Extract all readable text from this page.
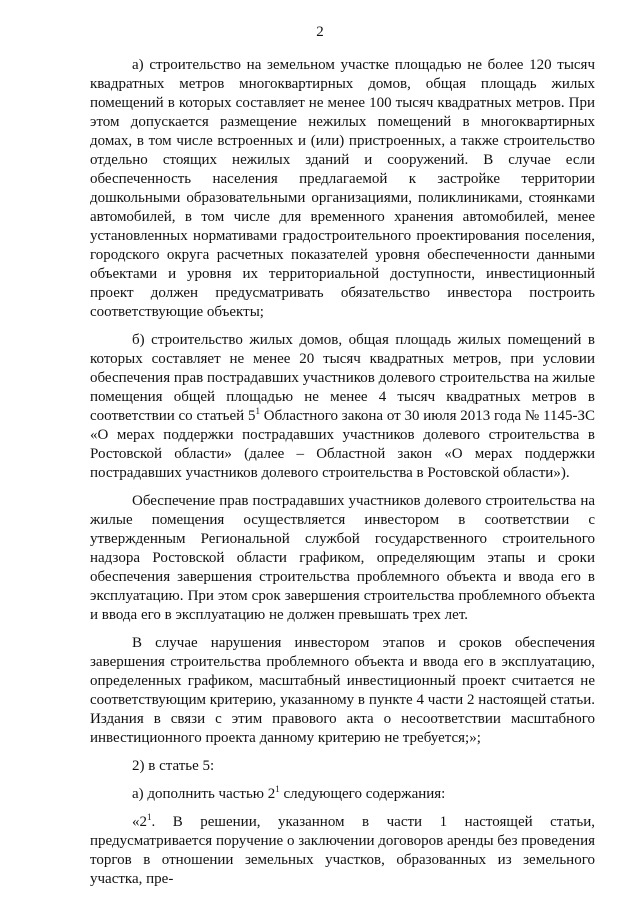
2

а) строительство на земельном участке площадью не более 120 тысяч квадратных метров многоквартирных домов, общая площадь жилых помещений в которых составляет не менее 100 тысяч квадратных метров. При этом допускается размещение нежилых помещений в многоквартирных домах, в том числе встроенных и (или) пристроенных, а также строительство отдельно стоящих нежилых зданий и сооружений. В случае если обеспеченность населения предлагаемой к застройке территории дошкольными образовательными организациями, поликлиниками, стоянками автомобилей, в том числе для временного хранения автомобилей, менее установленных нормативами градостроительного проектирования поселения, городского округа расчетных показателей уровня обеспеченности данными объектами и уровня их территориальной доступности, инвестиционный проект должен предусматривать обязательство инвестора построить соответствующие объекты;

б) строительство жилых домов, общая площадь жилых помещений в которых составляет не менее 20 тысяч квадратных метров, при условии обеспечения прав пострадавших участников долевого строительства на жилые помещения общей площадью не менее 4 тысяч квадратных метров в соответствии со статьей $5^1$ Областного закона от 30 июля 2013 года № 1145-ЗС «О мерах поддержки пострадавших участников долевого строительства в Ростовской области» (далее – Областной закон «О мерах поддержки пострадавших участников долевого строительства в Ростовской области»).

Обеспечение прав пострадавших участников долевого строительства на жилые помещения осуществляется инвестором в соответствии с утвержденным Региональной службой государственного строительного надзора Ростовской области графиком, определяющим этапы и сроки обеспечения завершения строительства проблемного объекта и ввода его в эксплуатацию. При этом срок завершения строительства проблемного объекта и ввода его в эксплуатацию не должен превышать трех лет.

В случае нарушения инвестором этапов и сроков обеспечения завершения строительства проблемного объекта и ввода его в эксплуатацию, определенных графиком, масштабный инвестиционный проект считается не соответствующим критерию, указанному в пункте 4 части 2 настоящей статьи. Издания в связи с этим правового акта о несоответствии масштабного инвестиционного проекта данному критерию не требуется;»;

2) в статье 5:

а) дополнить частью $2^1$ следующего содержания:

«$2^1$. В решении, указанном в части 1 настоящей статьи, предусматривается поручение о заключении договоров аренды без проведения торгов в отношении земельных участков, образованных из земельного участка, пре-
